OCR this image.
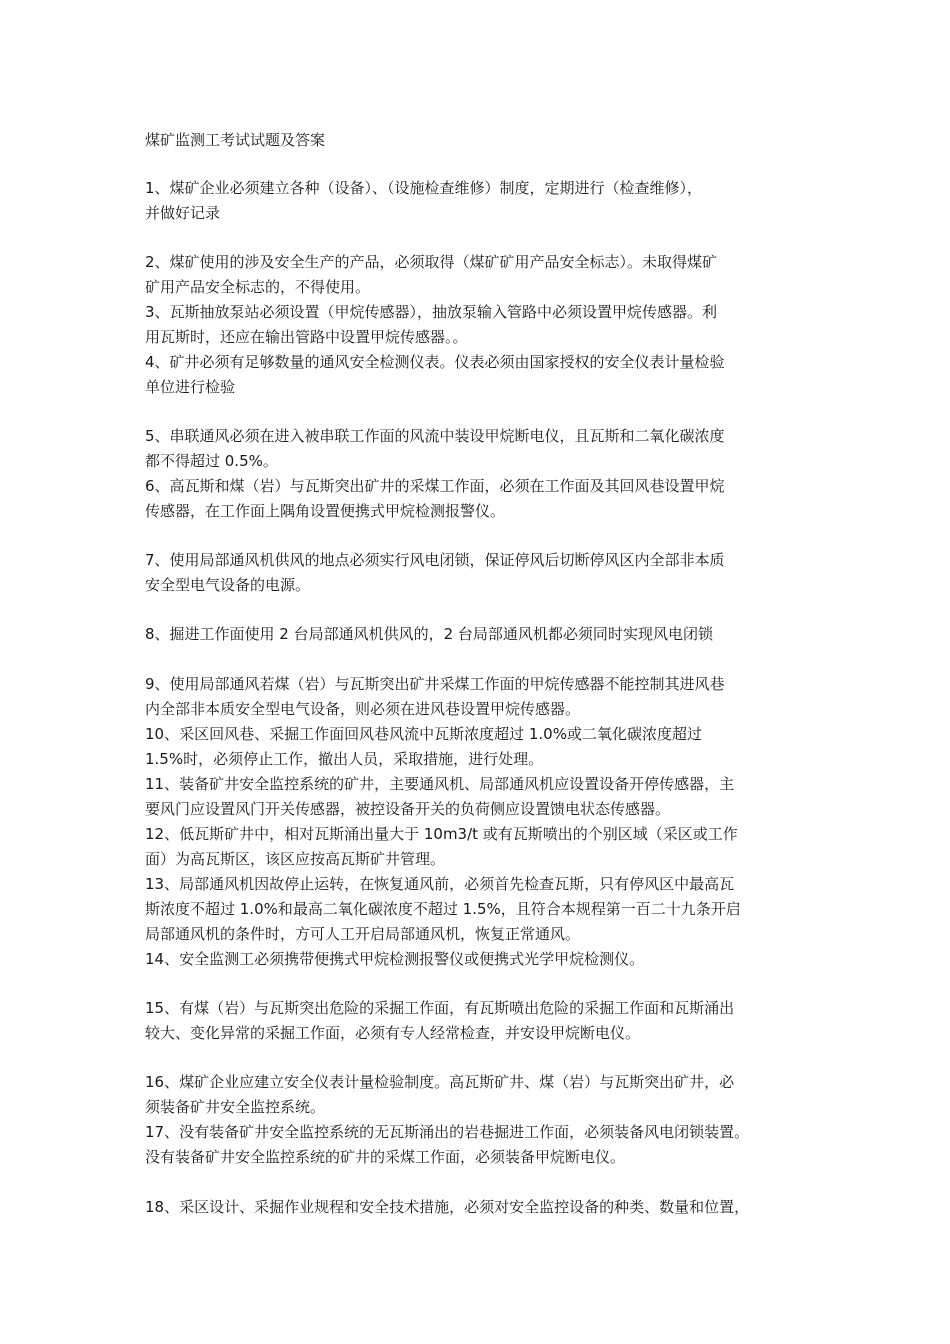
煤矿监测工考试试题及答案

1、煤矿企业必须建立各种（设备）、（设施检查维修）制度，定期进行（检查维修），
并做好记录

2、煤矿使用的涉及安全生产的产品，必须取得（煤矿矿用产品安全标志）。未取得煤矿
矿用产品安全标志的，不得使用。

3、瓦斯抽放泵站必须设置（甲烷传感器），抽放泵输入管路中必须设置甲烷传感器。利
用瓦斯时，还应在输出管路中设置甲烷传感器。。

4、矿井必须有足够数量的通风安全检测仪表。仪表必须由国家授权的安全仪表计量检验
单位进行检验

5、串联通风必须在进入被串联工作面的风流中装设甲烷断电仪，且瓦斯和二氧化碳浓度
都不得超过 0.5%。

6、高瓦斯和煤（岩）与瓦斯突出矿井的采煤工作面，必须在工作面及其回风巷设置甲烷
传感器，在工作面上隅角设置便携式甲烷检测报警仪。

7、使用局部通风机供风的地点必须实行风电闭锁，保证停风后切断停风区内全部非本质
安全型电气设备的电源。

8、掘进工作面使用 2 台局部通风机供风的，2 台局部通风机都必须同时实现风电闭锁

9、使用局部通风若煤（岩）与瓦斯突出矿井采煤工作面的甲烷传感器不能控制其进风巷
内全部非本质安全型电气设备，则必须在进风巷设置甲烷传感器。

10、采区回风巷、采掘工作面回风巷风流中瓦斯浓度超过 1.0%或二氧化碳浓度超过
1.5%时，必须停止工作，撤出人员，采取措施，进行处理。

11、装备矿井安全监控系统的矿井，主要通风机、局部通风机应设置设备开停传感器，主
要风门应设置风门开关传感器，被控设备开关的负荷侧应设置馈电状态传感器。

12、低瓦斯矿井中，相对瓦斯涌出量大于 10m3/t 或有瓦斯喷出的个别区域（采区或工作
面）为高瓦斯区，该区应按高瓦斯矿井管理。

13、局部通风机因故停止运转，在恢复通风前，必须首先检查瓦斯，只有停风区中最高瓦
斯浓度不超过 1.0%和最高二氧化碳浓度不超过 1.5%，且符合本规程第一百二十九条开启
局部通风机的条件时，方可人工开启局部通风机，恢复正常通风。

14、安全监测工必须携带便携式甲烷检测报警仪或便携式光学甲烷检测仪。

15、有煤（岩）与瓦斯突出危险的采掘工作面，有瓦斯喷出危险的采掘工作面和瓦斯涌出
较大、变化异常的采掘工作面，必须有专人经常检查，并安设甲烷断电仪。

16、煤矿企业应建立安全仪表计量检验制度。高瓦斯矿井、煤（岩）与瓦斯突出矿井，必
须装备矿井安全监控系统。

17、没有装备矿井安全监控系统的无瓦斯涌出的岩巷掘进工作面，必须装备风电闭锁装置。
没有装备矿井安全监控系统的矿井的采煤工作面，必须装备甲烷断电仪。

18、采区设计、采掘作业规程和安全技术措施，必须对安全监控设备的种类、数量和位置，
